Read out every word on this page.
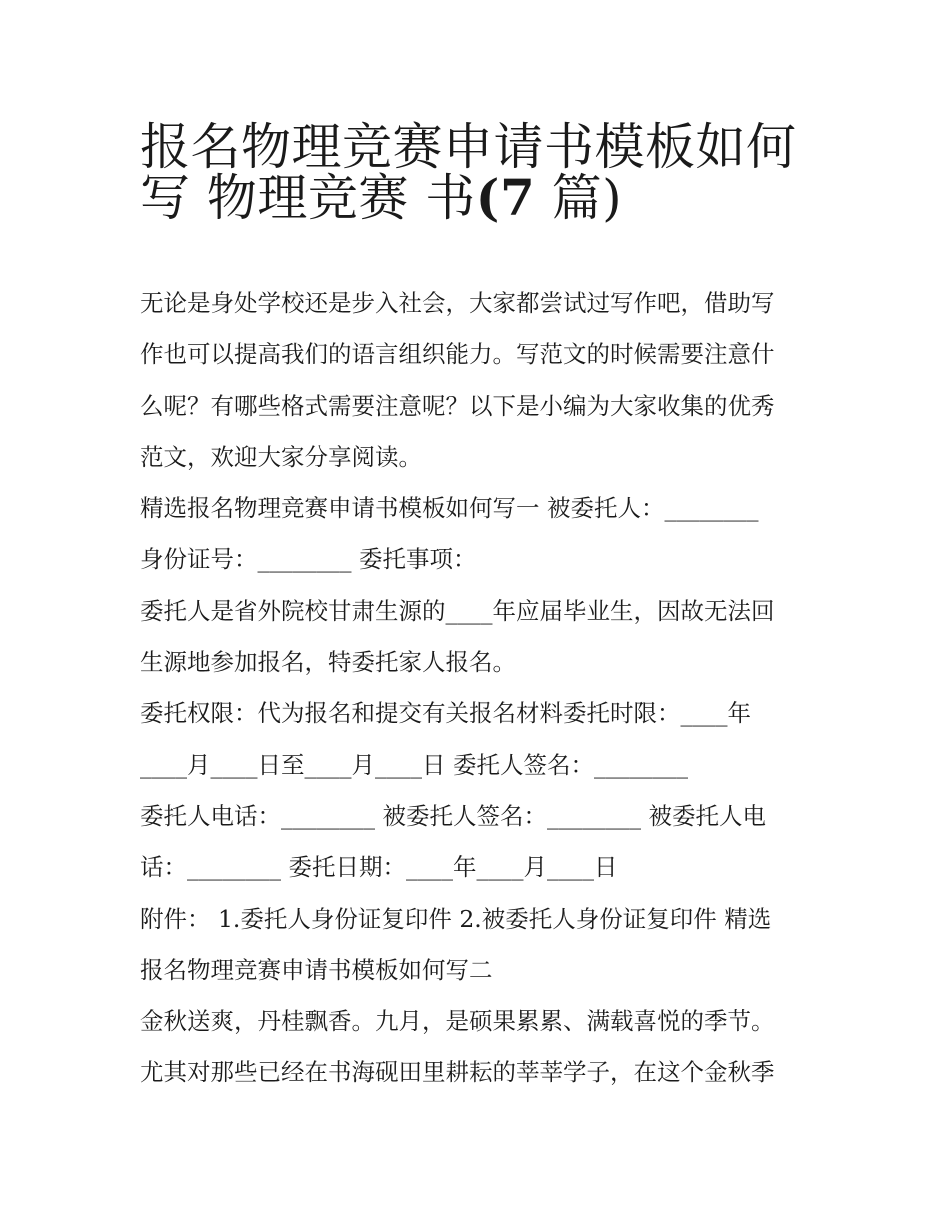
报名物理竞赛申请书模板如何
写 物理竞赛 书(7 篇)
无论是身处学校还是步入社会，大家都尝试过写作吧，借助写
作也可以提高我们的语言组织能力。写范文的时候需要注意什
么呢？有哪些格式需要注意呢？以下是小编为大家收集的优秀
范文，欢迎大家分享阅读。
精选报名物理竞赛申请书模板如何写一 被委托人：________
身份证号：________ 委托事项：
委托人是省外院校甘肃生源的____年应届毕业生，因故无法回
生源地参加报名，特委托家人报名。
委托权限：代为报名和提交有关报名材料委托时限：____年
____月____日至____月____日 委托人签名：________
委托人电话：________ 被委托人签名：________ 被委托人电
话：________ 委托日期：____年____月____日
附件： 1.委托人身份证复印件 2.被委托人身份证复印件 精选
报名物理竞赛申请书模板如何写二
金秋送爽，丹桂飘香。九月，是硕果累累、满载喜悦的季节。
尤其对那些已经在书海砚田里耕耘的莘莘学子，在这个金秋季
